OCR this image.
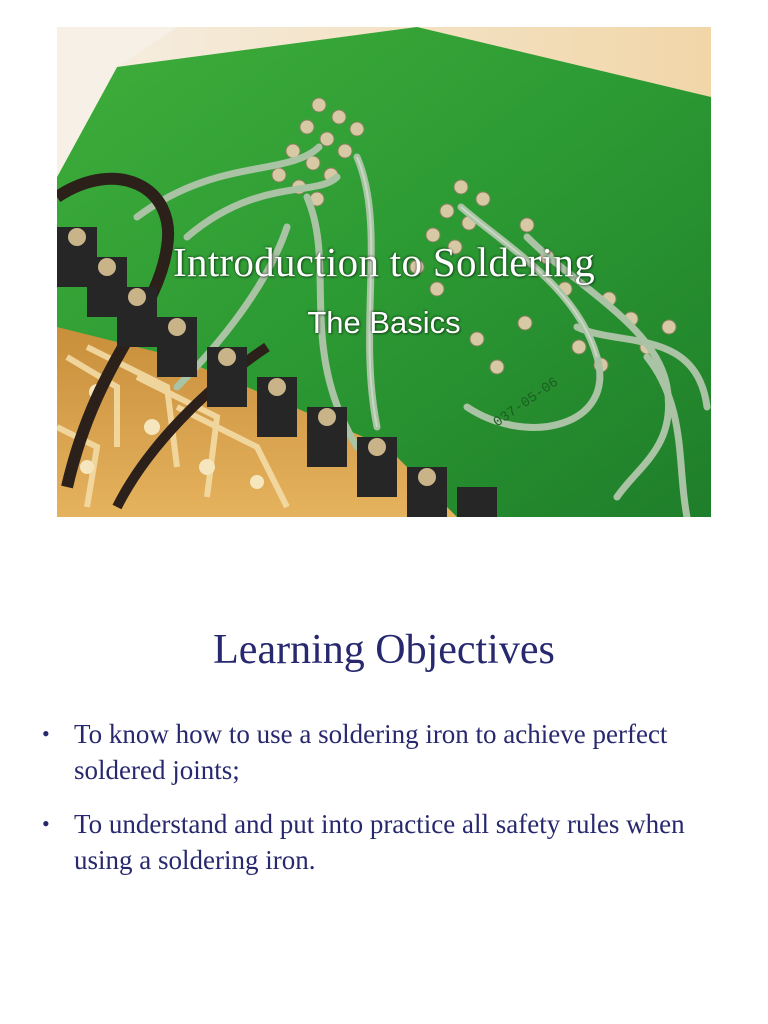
037-05-06
Introduction to Soldering
The Basics
Learning Objectives
• To know how to use a soldering iron to achieve perfect soldered joints;
• To understand and put into practice all safety rules when using a soldering iron.
